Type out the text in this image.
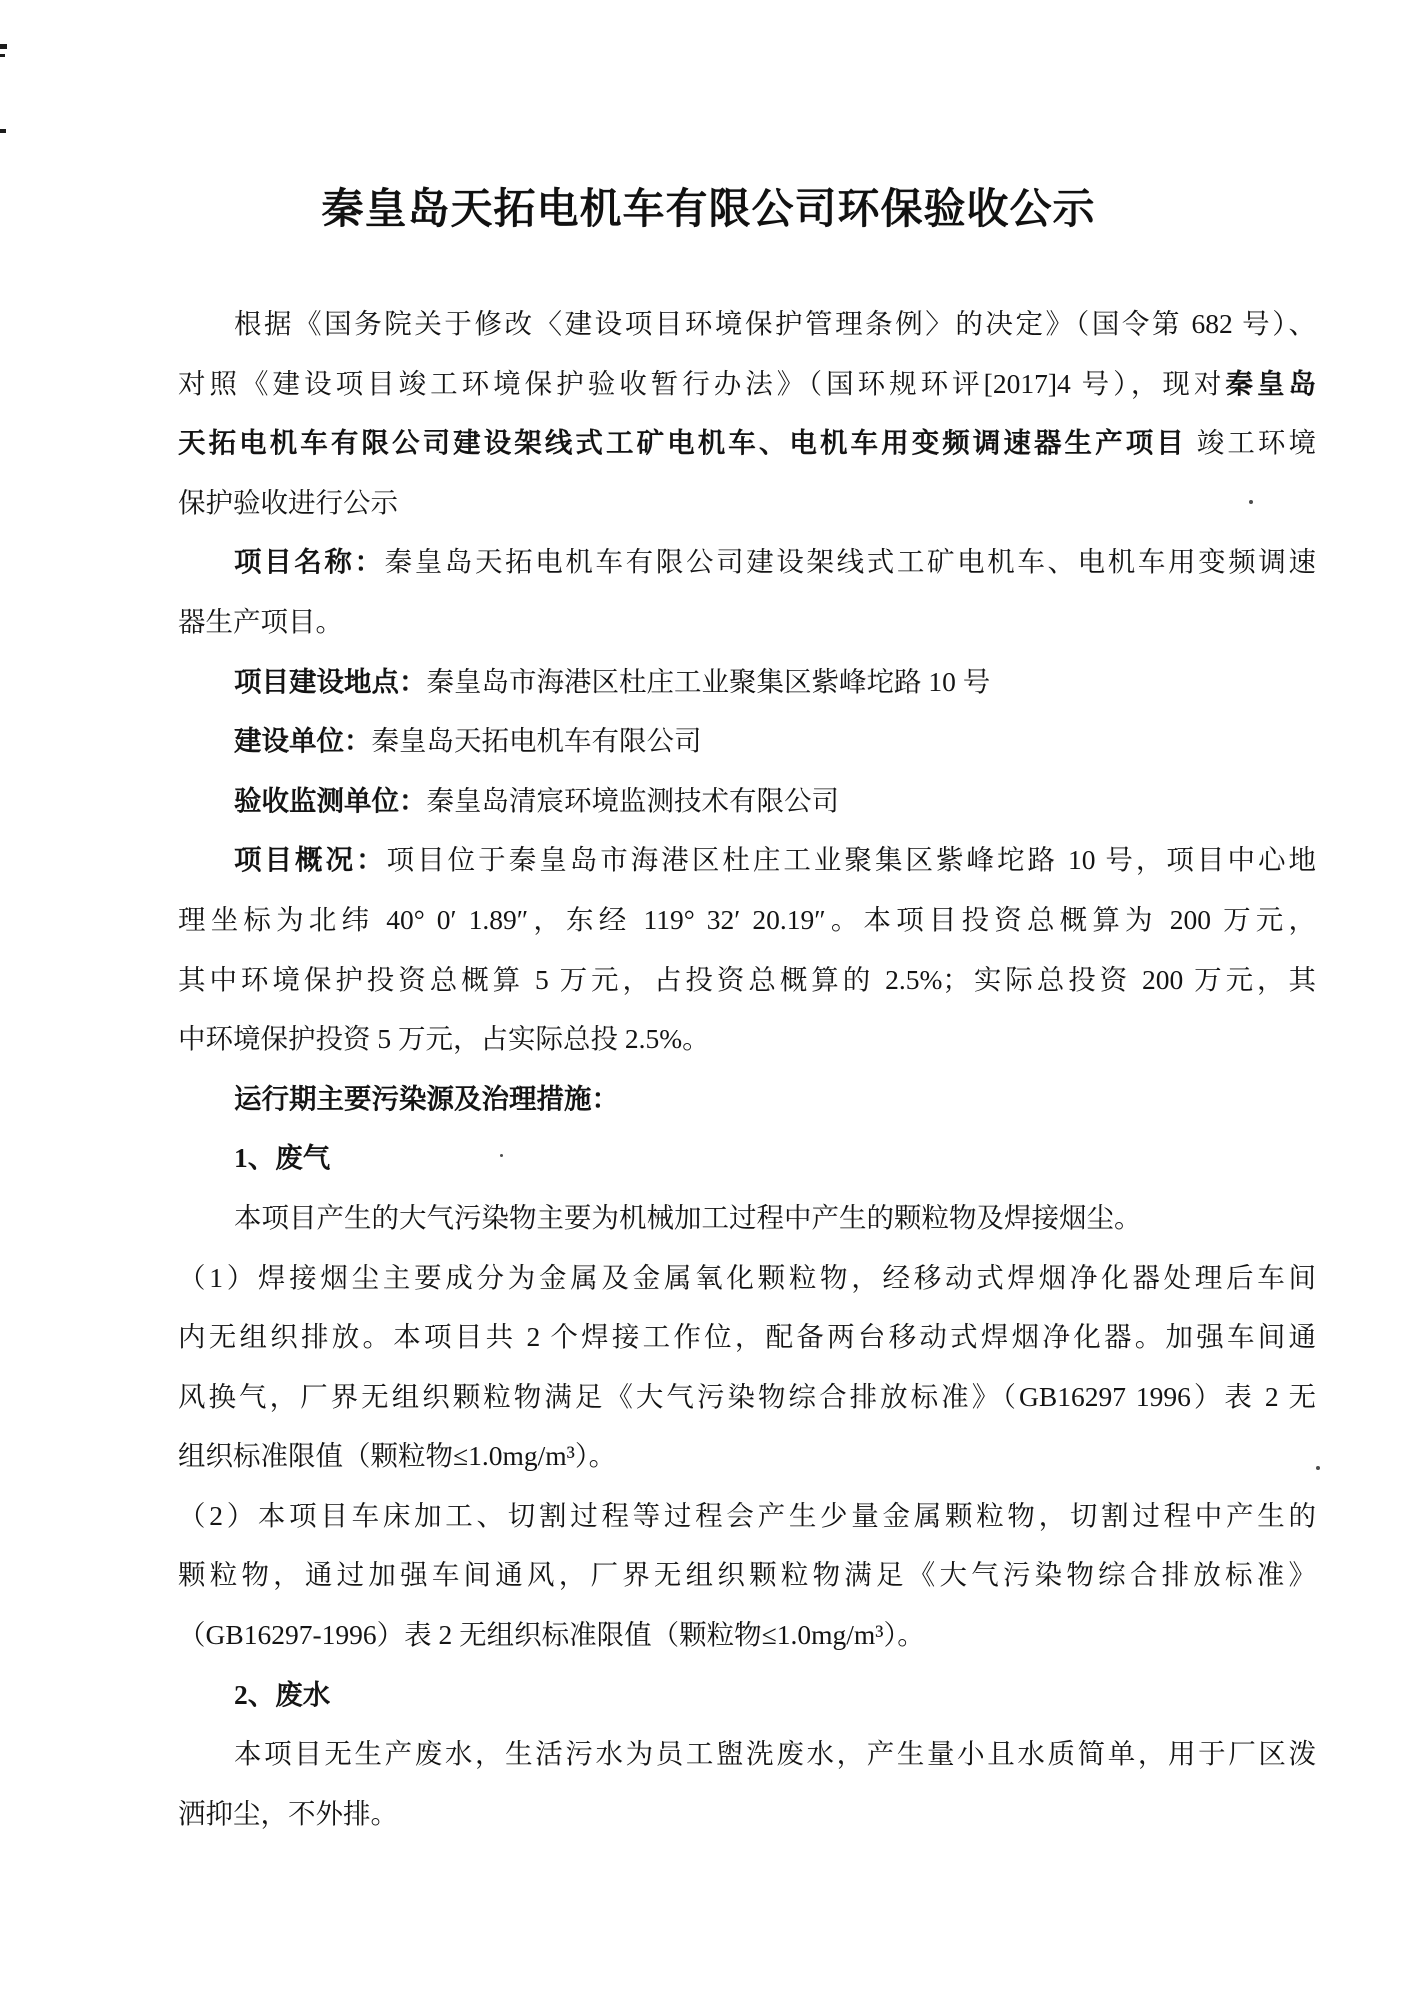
秦皇岛天拓电机车有限公司环保验收公示
根据《国务院关于修改〈建设项目环境保护管理条例〉的决定》（国令第 682 号）、
对照《建设项目竣工环境保护验收暂行办法》（国环规环评[2017]4 号），现对秦皇岛
天拓电机车有限公司建设架线式工矿电机车、电机车用变频调速器生产项目 竣工环境
保护验收进行公示
项目名称：秦皇岛天拓电机车有限公司建设架线式工矿电机车、电机车用变频调速
器生产项目。
项目建设地点：秦皇岛市海港区杜庄工业聚集区紫峰坨路 10 号
建设单位：秦皇岛天拓电机车有限公司
验收监测单位：秦皇岛清宸环境监测技术有限公司
项目概况：项目位于秦皇岛市海港区杜庄工业聚集区紫峰坨路 10 号，项目中心地
理坐标为北纬 40° 0′ 1.89″，东经 119° 32′ 20.19″。本项目投资总概算为 200 万元，
其中环境保护投资总概算 5 万元，占投资总概算的 2.5%；实际总投资 200 万元，其
中环境保护投资 5 万元，占实际总投 2.5%。
运行期主要污染源及治理措施：
1、废气
本项目产生的大气污染物主要为机械加工过程中产生的颗粒物及焊接烟尘。
（1）焊接烟尘主要成分为金属及金属氧化颗粒物，经移动式焊烟净化器处理后车间
内无组织排放。本项目共 2 个焊接工作位，配备两台移动式焊烟净化器。加强车间通
风换气，厂界无组织颗粒物满足《大气污染物综合排放标准》（GB16297 1996）表 2 无
组织标准限值（颗粒物≤1.0mg/m³）。
（2）本项目车床加工、切割过程等过程会产生少量金属颗粒物，切割过程中产生的
颗粒物，通过加强车间通风，厂界无组织颗粒物满足《大气污染物综合排放标准》
（GB16297-1996）表 2 无组织标准限值（颗粒物≤1.0mg/m³）。
2、废水
本项目无生产废水，生活污水为员工盥洗废水，产生量小且水质简单，用于厂区泼
洒抑尘，不外排。
